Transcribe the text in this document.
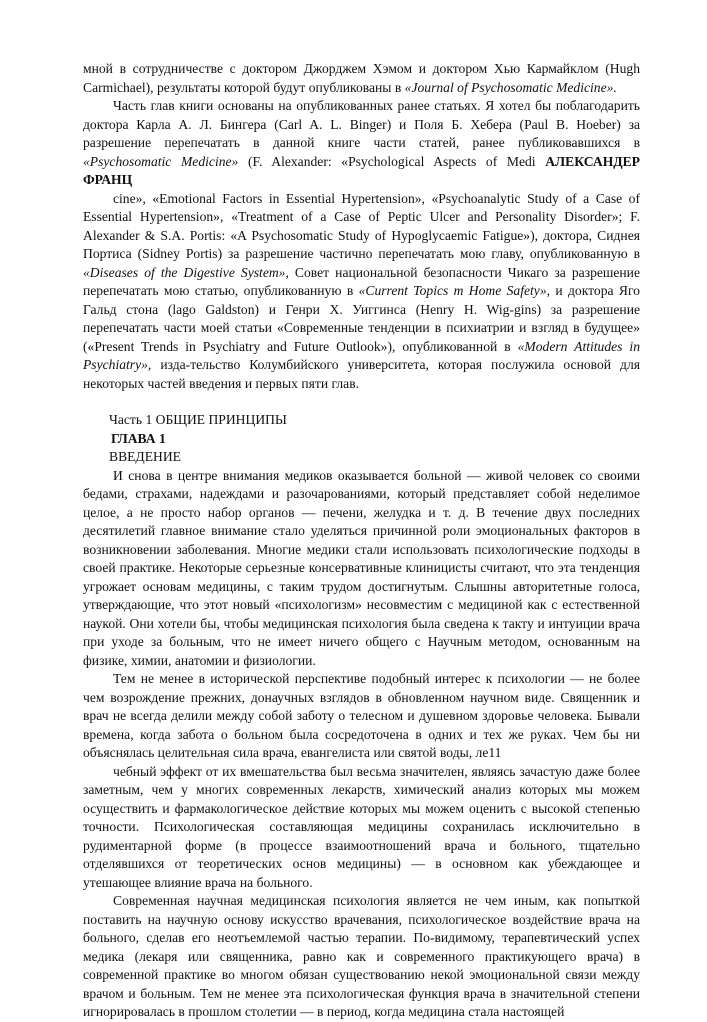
мной в сотрудничестве с доктором Джорджем Хэмом и доктором Хью Кармайклом (Hugh Carmichael), результаты которой будут опубликованы в «Journal of Psychosomatic Medicine».

Часть глав книги основаны на опубликованных ранее статьях. Я хотел бы поблагодарить доктора Карла А. Л. Бингера (Carl A. L. Binger) и Поля Б. Хебера (Paul B. Hoeber) за разрешение перепечатать в данной книге части статей, ранее публиковавшихся в «Psychosomatic Medicine» (F. Alexander: «Psychological Aspects of Medi АЛЕКСАНДЕР ФРАНЦ

cine», «Emotional Factors in Essential Hypertension», «Psychoanalytic Study of a Case of Essential Hypertension», «Treatment of a Case of Peptic Ulcer and Personality Disorder»; F. Alexander & S.A. Portis: «A Psychosomatic Study of Hypoglycaemic Fatigue»), доктора, Сиднея Портиса (Sidney Portis) за разрешение частично перепечатать мою главу, опубликованную в «Diseases of the Digestive System», Совет национальной безопасности Чикаго за разрешение перепечатать мою статью, опубликованную в «Current Topics m Home Safety», и доктора Яго Гальд стона (lago Galdston) и Генри X. Уиггинса (Henry H. Wig-gins) за разрешение перепечатать части моей статьи «Современные тенденции в психиатрии и взгляд в будущее» («Present Trends in Psychiatry and Future Outlook»), опубликованной в «Modern Attitudes in Psychiatry», изда-тельство Колумбийского университета, которая послужила основой для некоторых частей введения и первых пяти глав.

Часть 1 ОБЩИЕ ПРИНЦИПЫ

ГЛАВА 1

ВВЕДЕНИЕ

И снова в центре внимания медиков оказывается больной — живой человек со своими бедами, страхами, надеждами и разочарованиями, который представляет собой неделимое целое, а не просто набор органов — печени, желудка и т. д. В течение двух последних десятилетий главное внимание стало уделяться причинной роли эмоциональных факторов в возникновении заболевания. Многие медики стали использовать психологические подходы в своей практике. Некоторые серьезные консервативные клиницисты считают, что эта тенденция угрожает основам медицины, с таким трудом достигнутым. Слышны авторитетные голоса, утверждающие, что этот новый «психологизм» несовместим с медициной как с естественной наукой. Они хотели бы, чтобы медицинская психология была сведена к такту и интуиции врача при уходе за больным, что не имеет ничего общего с Научным методом, основанным на физике, химии, анатомии и физиологии.

Тем не менее в исторической перспективе подобный интерес к психологии — не более чем возрождение прежних, донаучных взглядов в обновленном научном виде. Священник и врач не всегда делили между собой заботу о телесном и душевном здоровье человека. Бывали времена, когда забота о больном была сосредоточена в одних и тех же руках. Чем бы ни объяснялась целительная сила врача, евангелиста или святой воды, ле11

чебный эффект от их вмешательства был весьма значителен, являясь зачастую даже более заметным, чем у многих современных лекарств, химический анализ которых мы можем осуществить и фармакологическое действие которых мы можем оценить с высокой степенью точности. Психологическая составляющая медицины сохранилась исключительно в рудиментарной форме (в процессе взаимоотношений врача и больного, тщательно отделявшихся от теоретических основ медицины) — в основном как убеждающее и утешающее влияние врача на больного.

Современная научная медицинская психология является не чем иным, как попыткой поставить на научную основу искусство врачевания, психологическое воздействие врача на больного, сделав его неотъемлемой частью терапии. По-видимому, терапевтический успех медика (лекаря или священника, равно как и современного практикующего врача) в современной практике во многом обязан существованию некой эмоциональной связи между врачом и больным. Тем не менее эта психологическая функция врача в значительной степени игнорировалась в прошлом столетии — в период, когда медицина стала настоящей
